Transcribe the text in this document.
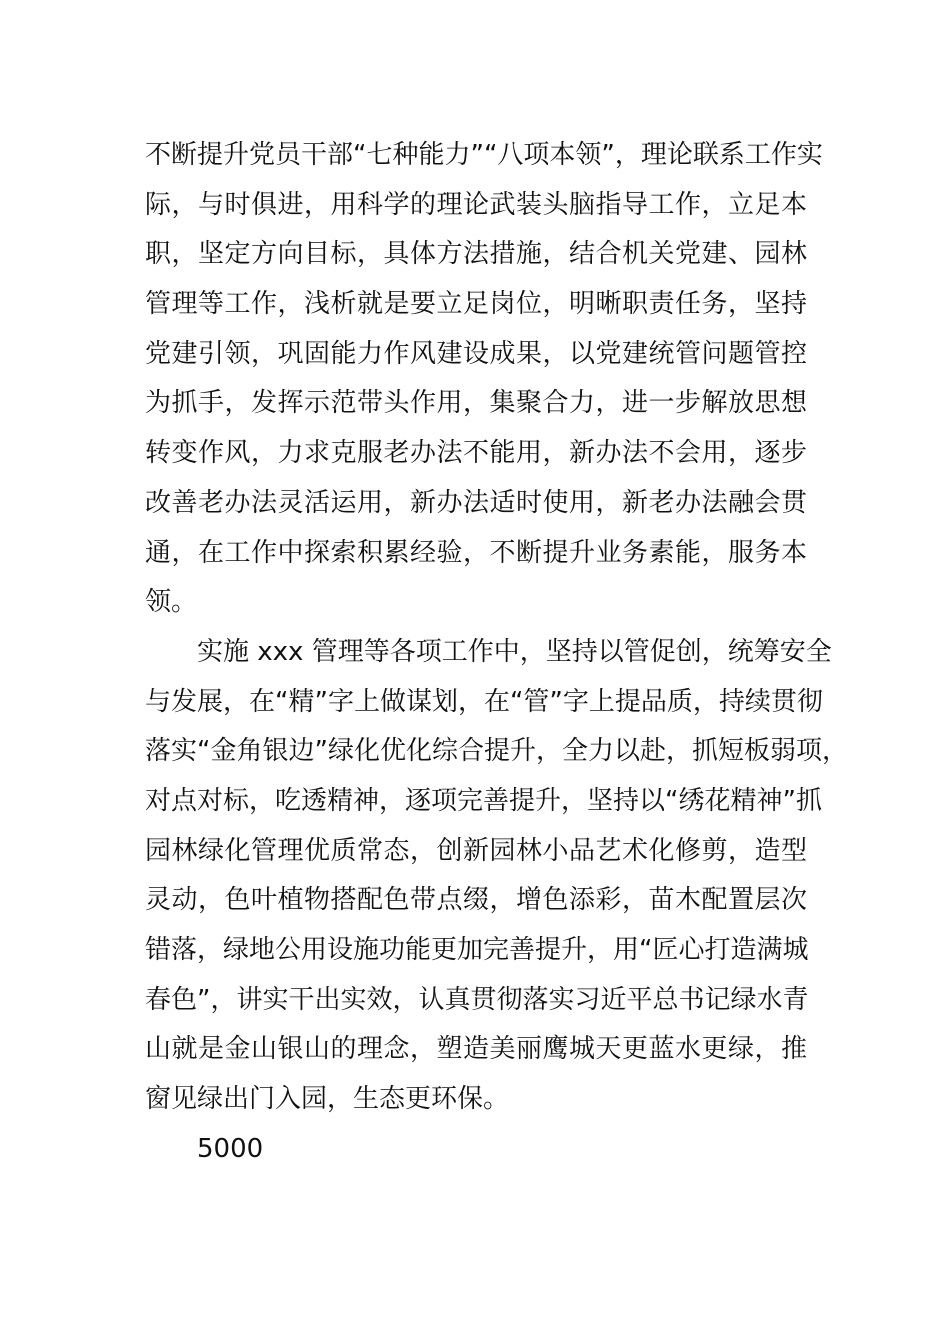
不断提升党员干部“七种能力”“八项本领”，理论联系工作实
际，与时俱进，用科学的理论武装头脑指导工作，立足本
职，坚定方向目标，具体方法措施，结合机关党建、园林
管理等工作，浅析就是要立足岗位，明晰职责任务，坚持
党建引领，巩固能力作风建设成果，以党建统管问题管控
为抓手，发挥示范带头作用，集聚合力，进一步解放思想
转变作风，力求克服老办法不能用，新办法不会用，逐步
改善老办法灵活运用，新办法适时使用，新老办法融会贯
通，在工作中探索积累经验，不断提升业务素能，服务本
领。
实施 xxx 管理等各项工作中，坚持以管促创，统筹安全
与发展，在“精”字上做谋划，在“管”字上提品质，持续贯彻
落实“金角银边”绿化优化综合提升，全力以赴，抓短板弱项，
对点对标，吃透精神，逐项完善提升，坚持以“绣花精神”抓
园林绿化管理优质常态，创新园林小品艺术化修剪，造型
灵动，色叶植物搭配色带点缀，增色添彩，苗木配置层次
错落，绿地公用设施功能更加完善提升，用“匠心打造满城
春色”，讲实干出实效，认真贯彻落实习近平总书记绿水青
山就是金山银山的理念，塑造美丽鹰城天更蓝水更绿，推
窗见绿出门入园，生态更环保。
5000
